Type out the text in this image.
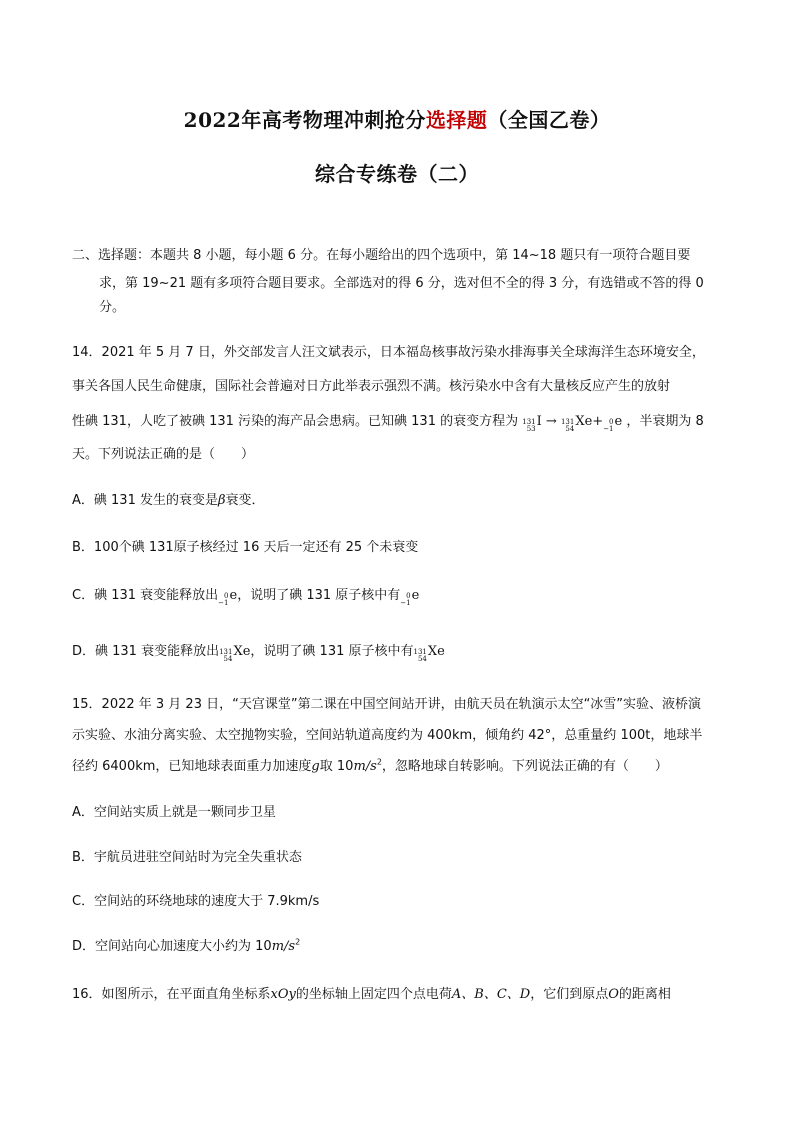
2022年高考物理冲刺抢分选择题（全国乙卷）
综合专练卷（二）
二、选择题：本题共 8 小题，每小题 6 分。在每小题给出的四个选项中，第 14~18 题只有一项符合题目要
求，第 19~21 题有多项符合题目要求。全部选对的得 6 分，选对但不全的得 3 分，有选错或不答的得 0
分。
14．2021 年 5 月 7 日，外交部发言人汪文斌表示，日本福岛核事故污染水排海事关全球海洋生态环境安全，
事关各国人民生命健康，国际社会普遍对日方此举表示强烈不满。核污染水中含有大量核反应产生的放射
性碘 131，人吃了被碘 131 污染的海产品会患病。已知碘 131 的衰变方程为 131
53 I → 131
54 Xe + 0
−1 e ，半衰期为 8
天。下列说法正确的是（　　）
A．碘 131 发生的衰变是β衰变．
B．100个碘 131原子核经过 16 天后一定还有 25 个未衰变
C．碘 131 衰变能释放出 0
−1 e ，说明了碘 131 原子核中有 0
−1 e
D．碘 131 衰变能释放出 131
54 Xe ，说明了碘 131 原子核中有 131
54 Xe
15．2022 年 3 月 23 日，“天宫课堂”第二课在中国空间站开讲，由航天员在轨演示太空“冰雪”实验、液桥演
示实验、水油分离实验、太空抛物实验，空间站轨道高度约为 400km，倾角约 42°，总重量约 100t，地球半
径约 6400km，已知地球表面重力加速度g取 $10m/s^2$，忽略地球自转影响。下列说法正确的有（　　）
A．空间站实质上就是一颗同步卫星
B．宇航员进驻空间站时为完全失重状态
C．空间站的环绕地球的速度大于 7.9km/s
D．空间站向心加速度大小约为 $10m/s^2$
16．如图所示，在平面直角坐标系xOy的坐标轴上固定四个点电荷A、B、C、D，它们到原点O的距离相
